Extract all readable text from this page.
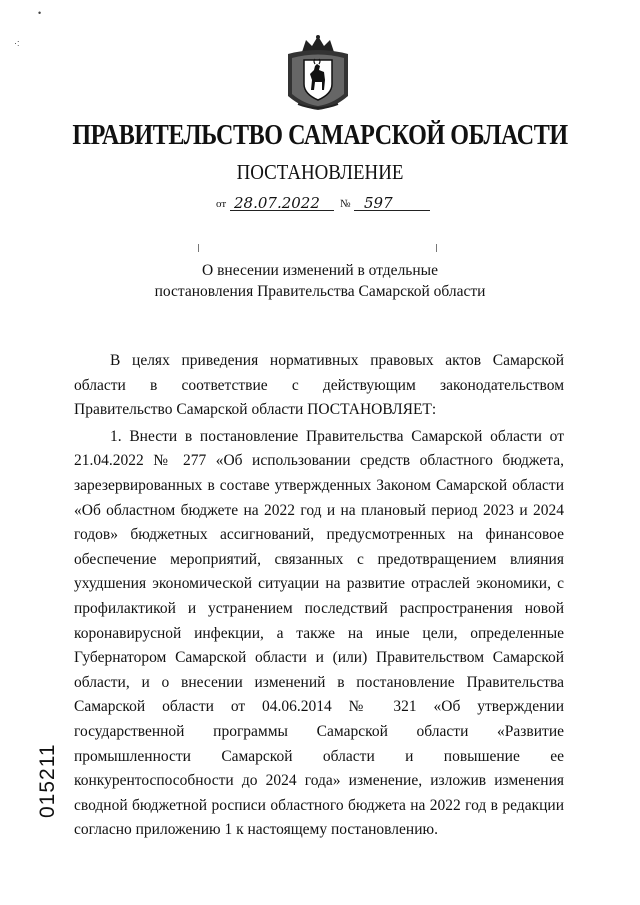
•
·:
ПРАВИТЕЛЬСТВО САМАРСКОЙ ОБЛАСТИ
ПОСТАНОВЛЕНИЕ
от 28.07.2022 № 597
О внесении изменений в отдельные
постановления Правительства Самарской области

В целях приведения нормативных правовых актов Самарской области в соответствие с действующим законодательством Правительство Самарской области ПОСТАНОВЛЯЕТ:

1. Внести в постановление Правительства Самарской области от 21.04.2022 № 277 «Об использовании средств областного бюджета, зарезервированных в составе утвержденных Законом Самарской области «Об областном бюджете на 2022 год и на плановый период 2023 и 2024 годов» бюджетных ассигнований, предусмотренных на финансовое обеспечение мероприятий, связанных с предотвращением влияния ухудшения экономической ситуации на развитие отраслей экономики, с профилактикой и устранением последствий распространения новой коронавирусной инфекции, а также на иные цели, определенные Губернатором Самарской области и (или) Правительством Самарской области, и о внесении изменений в постановление Правительства Самарской области от 04.06.2014 № 321 «Об утверждении государственной программы Самарской области «Развитие промышленности Самарской области и повышение ее конкурентоспособности до 2024 года» изменение, изложив изменения сводной бюджетной росписи областного бюджета на 2022 год в редакции согласно приложению 1 к настоящему постановлению.

015211
